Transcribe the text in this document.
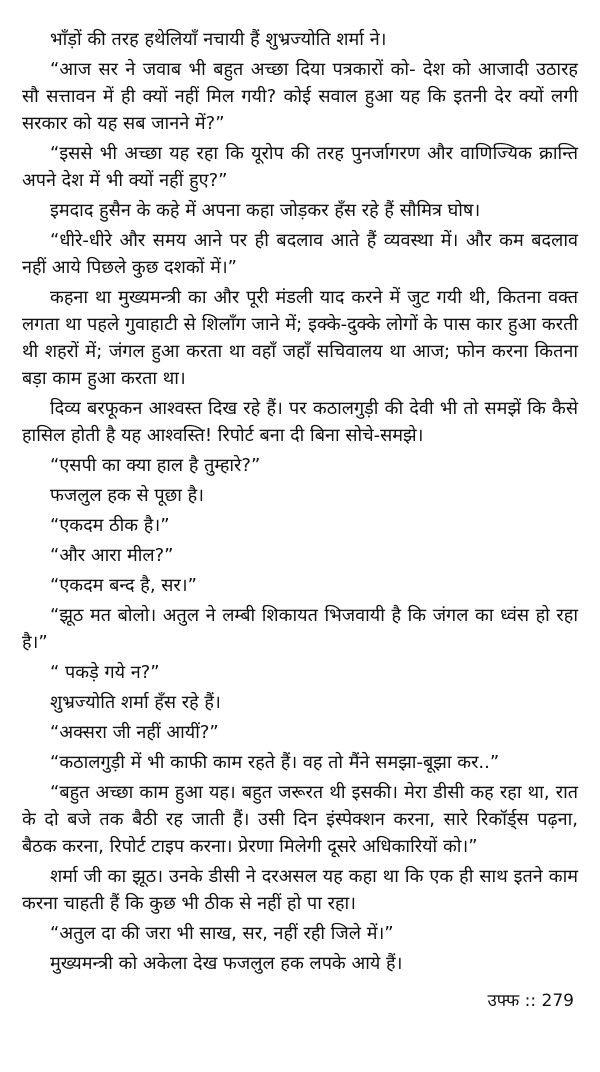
भाँड़ों की तरह हथेलियाँ नचायी हैं शुभ्रज्योति शर्मा ने।

“आज सर ने जवाब भी बहुत अच्छा दिया पत्रकारों को- देश को आजादी उठारह सौ सत्तावन में ही क्यों नहीं मिल गयी? कोई सवाल हुआ यह कि इतनी देर क्यों लगी सरकार को यह सब जानने में?”

“इससे भी अच्छा यह रहा कि यूरोप की तरह पुनर्जागरण और वाणिज्यिक क्रान्ति अपने देश में भी क्यों नहीं हुए?”

इमदाद हुसैन के कहे में अपना कहा जोड़कर हँस रहे हैं सौमित्र घोष।

“धीरे-धीरे और समय आने पर ही बदलाव आते हैं व्यवस्था में। और कम बदलाव नहीं आये पिछले कुछ दशकों में।”

कहना था मुख्यमन्त्री का और पूरी मंडली याद करने में जुट गयी थी, कितना वक्त लगता था पहले गुवाहाटी से शिलाँग जाने में; इक्के-दुक्के लोगों के पास कार हुआ करती थी शहरों में; जंगल हुआ करता था वहाँ जहाँ सचिवालय था आज; फोन करना कितना बड़ा काम हुआ करता था।

दिव्य बरफूकन आश्वस्त दिख रहे हैं। पर कठालगुड़ी की देवी भी तो समझें कि कैसे हासिल होती है यह आश्वस्ति! रिपोर्ट बना दी बिना सोचे-समझे।

“एसपी का क्या हाल है तुम्हारे?”

फजलुल हक से पूछा है।

“एकदम ठीक है।”

“और आरा मील?”

“एकदम बन्द है, सर।”

“झूठ मत बोलो। अतुल ने लम्बी शिकायत भिजवायी है कि जंगल का ध्वंस हो रहा है।”

“ पकड़े गये न?”

शुभ्रज्योति शर्मा हँस रहे हैं।

“अक्सरा जी नहीं आयीं?”

“कठालगुड़ी में भी काफी काम रहते हैं। वह तो मैंने समझा-बूझा कर..”

“बहुत अच्छा काम हुआ यह। बहुत जरूरत थी इसकी। मेरा डीसी कह रहा था, रात के दो बजे तक बैठी रह जाती हैं। उसी दिन इंस्पेक्शन करना, सारे रिकॉर्ड्स पढ़ना, बैठक करना, रिपोर्ट टाइप करना। प्रेरणा मिलेगी दूसरे अधिकारियों को।”

शर्मा जी का झूठ। उनके डीसी ने दरअसल यह कहा था कि एक ही साथ इतने काम करना चाहती हैं कि कुछ भी ठीक से नहीं हो पा रहा।

“अतुल दा की जरा भी साख, सर, नहीं रही जिले में।”

मुख्यमन्त्री को अकेला देख फजलुल हक लपके आये हैं।

उफ्फ :: 279
